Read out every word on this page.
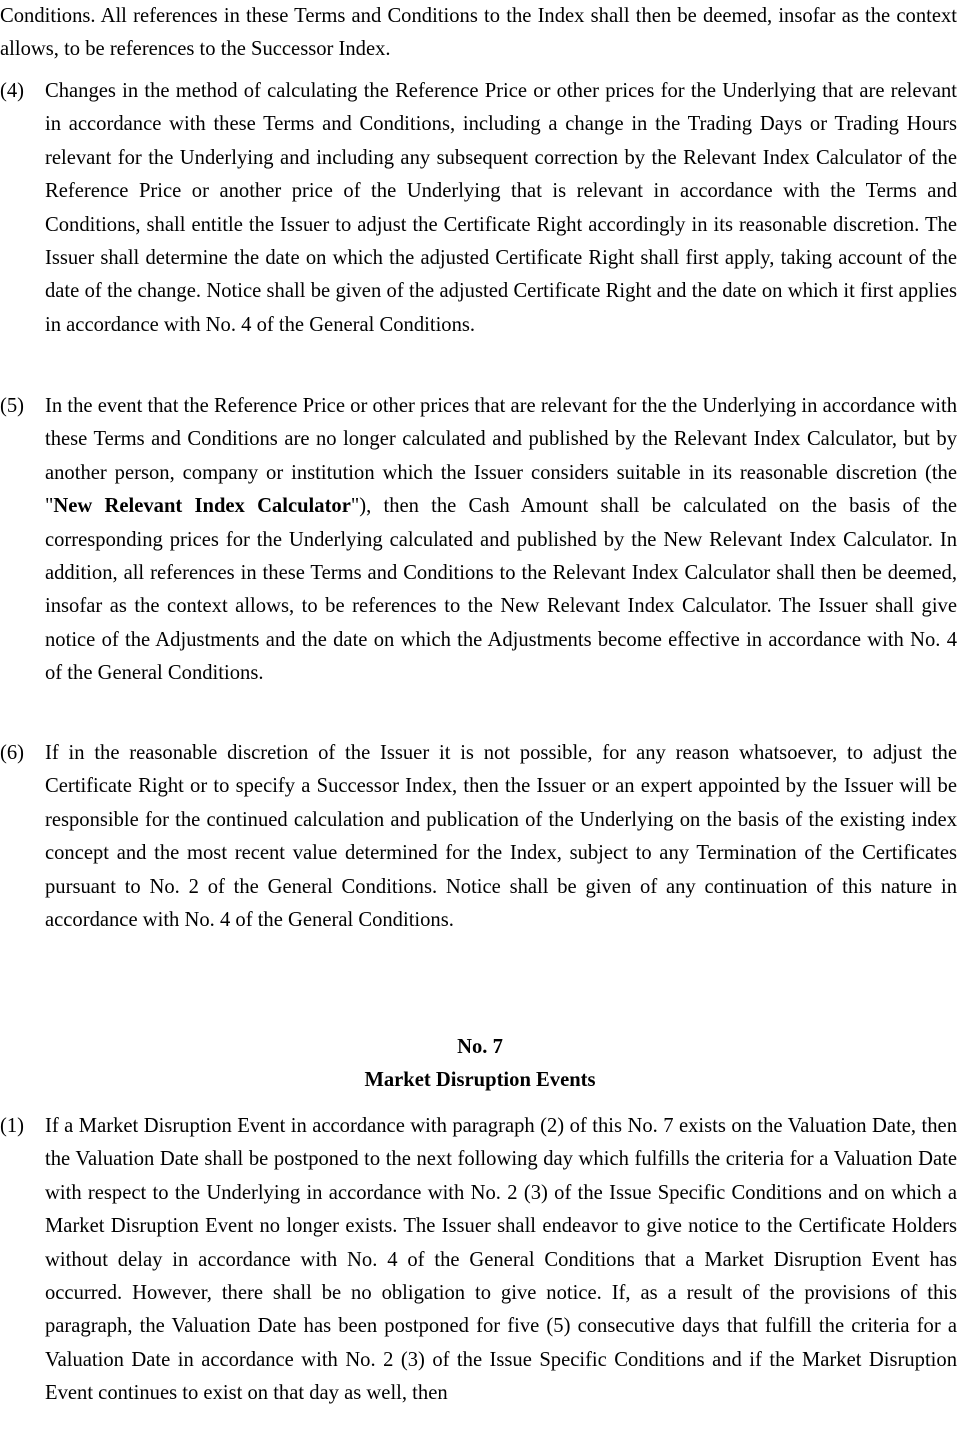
Conditions. All references in these Terms and Conditions to the Index shall then be deemed, insofar as the context allows, to be references to the Successor Index.
(4) Changes in the method of calculating the Reference Price or other prices for the Underlying that are relevant in accordance with these Terms and Conditions, including a change in the Trading Days or Trading Hours relevant for the Underlying and including any subsequent correction by the Relevant Index Calculator of the Reference Price or another price of the Underlying that is relevant in accordance with the Terms and Conditions, shall entitle the Issuer to adjust the Certificate Right accordingly in its reasonable discretion. The Issuer shall determine the date on which the adjusted Certificate Right shall first apply, taking account of the date of the change. Notice shall be given of the adjusted Certificate Right and the date on which it first applies in accordance with No. 4 of the General Conditions.
(5) In the event that the Reference Price or other prices that are relevant for the the Underlying in accordance with these Terms and Conditions are no longer calculated and published by the Relevant Index Calculator, but by another person, company or institution which the Issuer considers suitable in its reasonable discretion (the "New Relevant Index Calculator"), then the Cash Amount shall be calculated on the basis of the corresponding prices for the Underlying calculated and published by the New Relevant Index Calculator. In addition, all references in these Terms and Conditions to the Relevant Index Calculator shall then be deemed, insofar as the context allows, to be references to the New Relevant Index Calculator. The Issuer shall give notice of the Adjustments and the date on which the Adjustments become effective in accordance with No. 4 of the General Conditions.
(6) If in the reasonable discretion of the Issuer it is not possible, for any reason whatsoever, to adjust the Certificate Right or to specify a Successor Index, then the Issuer or an expert appointed by the Issuer will be responsible for the continued calculation and publication of the Underlying on the basis of the existing index concept and the most recent value determined for the Index, subject to any Termination of the Certificates pursuant to No. 2 of the General Conditions. Notice shall be given of any continuation of this nature in accordance with No. 4 of the General Conditions.
No. 7
Market Disruption Events
(1) If a Market Disruption Event in accordance with paragraph (2) of this No. 7 exists on the Valuation Date, then the Valuation Date shall be postponed to the next following day which fulfills the criteria for a Valuation Date with respect to the Underlying in accordance with No. 2 (3) of the Issue Specific Conditions and on which a Market Disruption Event no longer exists. The Issuer shall endeavor to give notice to the Certificate Holders without delay in accordance with No. 4 of the General Conditions that a Market Disruption Event has occurred. However, there shall be no obligation to give notice. If, as a result of the provisions of this paragraph, the Valuation Date has been postponed for five (5) consecutive days that fulfill the criteria for a Valuation Date in accordance with No. 2 (3) of the Issue Specific Conditions and if the Market Disruption Event continues to exist on that day as well, then
